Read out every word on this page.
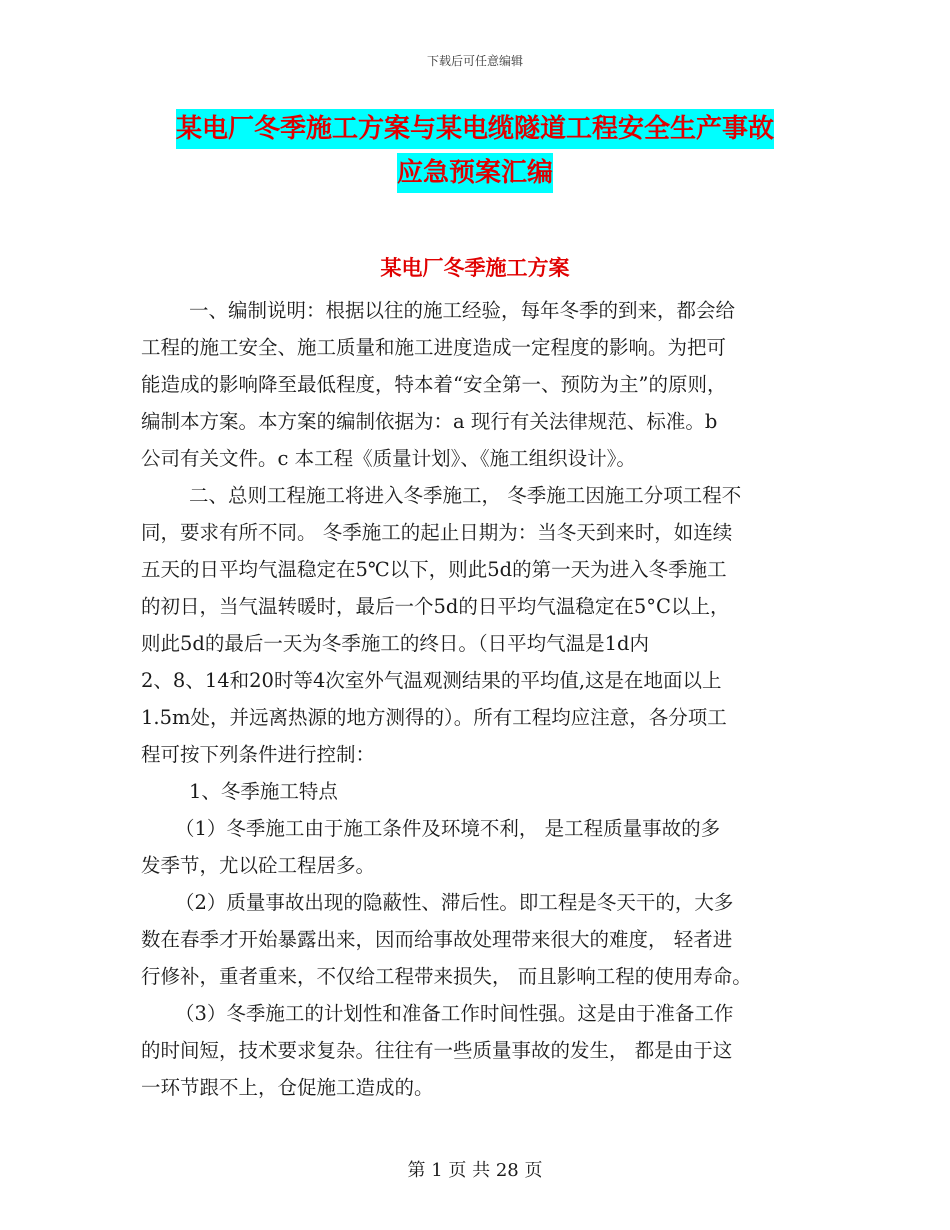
下载后可任意编辑
某电厂冬季施工方案与某电缆隧道工程安全生产事故
应急预案汇编
某电厂冬季施工方案
一、编制说明：根据以往的施工经验，每年冬季的到来，都会给
工程的施工安全、施工质量和施工进度造成一定程度的影响。为把可
能造成的影响降至最低程度，特本着“安全第一、预防为主”的原则，
编制本方案。本方案的编制依据为：a 现行有关法律规范、标准。b
公司有关文件。c 本工程《质量计划》、《施工组织设计》。
二、总则工程施工将进入冬季施工， 冬季施工因施工分项工程不
同，要求有所不同。 冬季施工的起止日期为：当冬天到来时，如连续
五天的日平均气温稳定在5℃以下，则此5d的第一天为进入冬季施工
的初日，当气温转暖时，最后一个5d的日平均气温稳定在5°C以上，
则此5d的最后一天为冬季施工的终日。（日平均气温是1d内
2、8、14和20时等4次室外气温观测结果的平均值,这是在地面以上
1.5m处，并远离热源的地方测得的）。所有工程均应注意，各分项工
程可按下列条件进行控制：
1、冬季施工特点
（1）冬季施工由于施工条件及环境不利， 是工程质量事故的多
发季节，尤以砼工程居多。
（2）质量事故出现的隐蔽性、滞后性。即工程是冬天干的，大多
数在春季才开始暴露出来，因而给事故处理带来很大的难度， 轻者进
行修补，重者重来，不仅给工程带来损失， 而且影响工程的使用寿命。
（3）冬季施工的计划性和准备工作时间性强。这是由于准备工作
的时间短，技术要求复杂。往往有一些质量事故的发生， 都是由于这
一环节跟不上，仓促施工造成的。
第 1 页 共 28 页
